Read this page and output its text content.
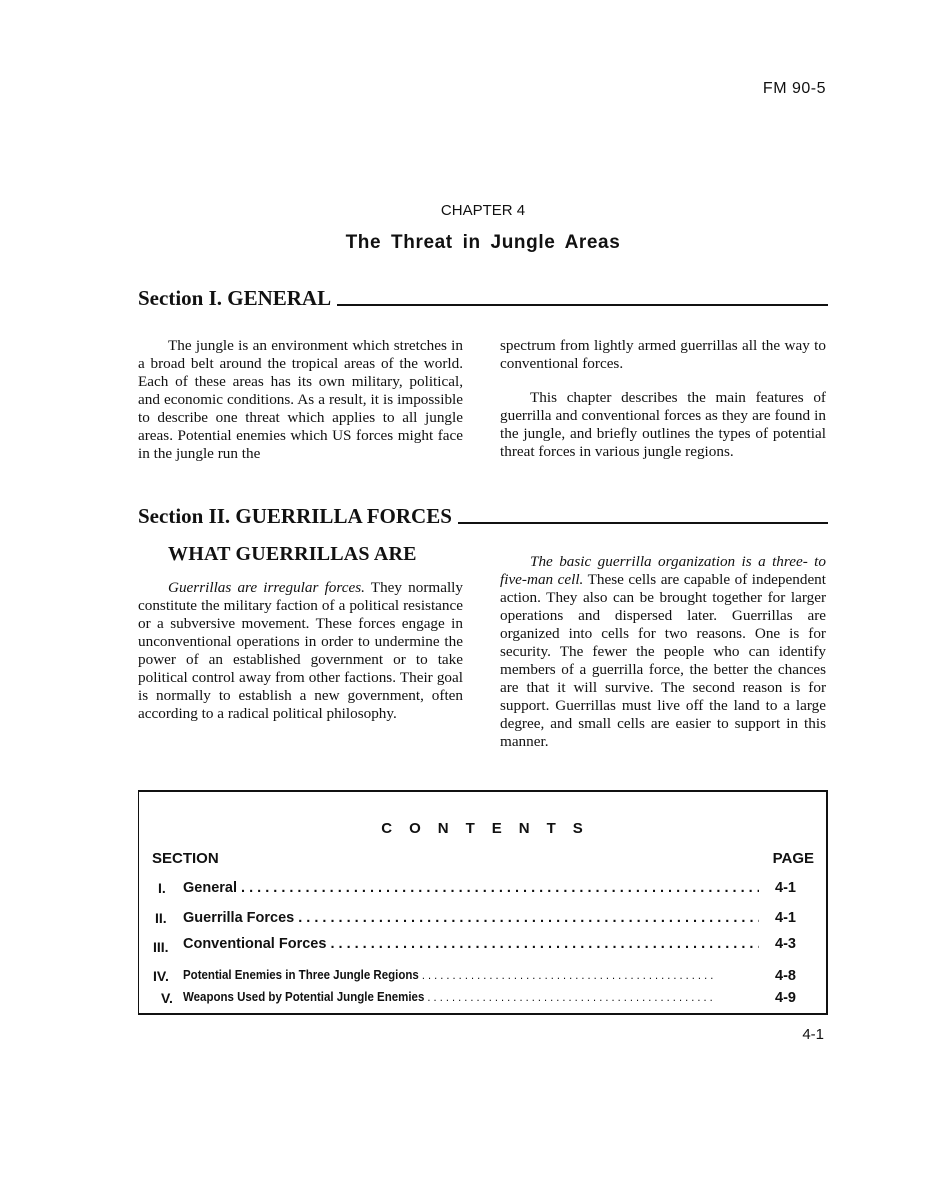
FM 90-5
CHAPTER 4
The Threat in Jungle Areas
Section I. GENERAL

The jungle is an environment which stretches in a broad belt around the tropical areas of the world. Each of these areas has its own military, political, and economic conditions. As a result, it is impossible to describe one threat which applies to all jungle areas. Potential enemies which US forces might face in the jungle run the

spectrum from lightly armed guerrillas all the way to conventional forces.

This chapter describes the main features of guerrilla and conventional forces as they are found in the jungle, and briefly outlines the types of potential threat forces in various jungle regions.

Section II. GUERRILLA FORCES
WHAT GUERRILLAS ARE

Guerrillas are irregular forces. They normally constitute the military faction of a political resistance or a subversive movement. These forces engage in unconventional operations in order to undermine the power of an established government or to take political control away from other factions. Their goal is normally to establish a new government, often according to a radical political philosophy.

The basic guerrilla organization is a three- to five-man cell. These cells are capable of independent action. They also can be brought together for larger operations and dispersed later. Guerrillas are organized into cells for two reasons. One is for security. The fewer the people who can identify members of a guerrilla force, the better the chances are that it will survive. The second reason is for support. Guerrillas must live off the land to a large degree, and small cells are easier to support in this manner.

CONTENTS
SECTION	PAGE
I. General . . .	4-1
II. Guerrilla Forces . . .	4-1
III. Conventional Forces . . .	4-3
IV. Potential Enemies in Three Jungle Regions . . .	4-8
V. Weapons Used by Potential Jungle Enemies . . .	4-9
4-1
